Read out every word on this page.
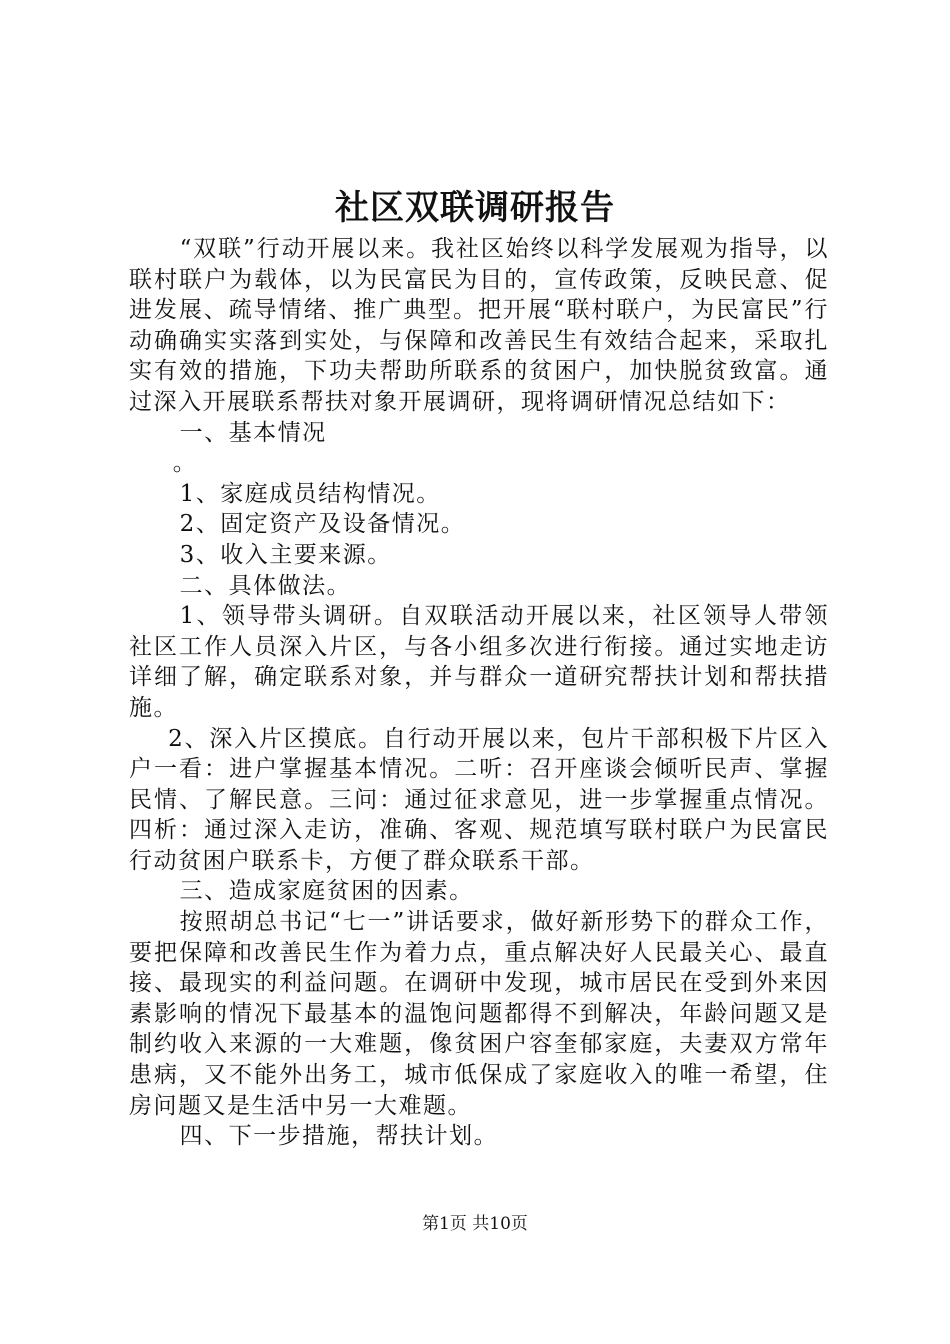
社区双联调研报告

“双联”行动开展以来。我社区始终以科学发展观为指导，以联村联户为载体，以为民富民为目的，宣传政策，反映民意、促进发展、疏导情绪、推广典型。把开展“联村联户，为民富民”行动确确实实落到实处，与保障和改善民生有效结合起来，采取扎实有效的措施，下功夫帮助所联系的贫困户，加快脱贫致富。通过深入开展联系帮扶对象开展调研，现将调研情况总结如下：

一、基本情况

。

1、家庭成员结构情况。

2、固定资产及设备情况。

3、收入主要来源。

二、具体做法。

1、领导带头调研。自双联活动开展以来，社区领导人带领社区工作人员深入片区，与各小组多次进行衔接。通过实地走访详细了解，确定联系对象，并与群众一道研究帮扶计划和帮扶措施。

2、深入片区摸底。自行动开展以来，包片干部积极下片区入户一看：进户掌握基本情况。二听：召开座谈会倾听民声、掌握民情、了解民意。三问：通过征求意见，进一步掌握重点情况。四析：通过深入走访，准确、客观、规范填写联村联户为民富民行动贫困户联系卡，方便了群众联系干部。

三、造成家庭贫困的因素。

按照胡总书记“七一”讲话要求，做好新形势下的群众工作，要把保障和改善民生作为着力点，重点解决好人民最关心、最直接、最现实的利益问题。在调研中发现，城市居民在受到外来因素影响的情况下最基本的温饱问题都得不到解决，年龄问题又是制约收入来源的一大难题，像贫困户容奎郁家庭，夫妻双方常年患病，又不能外出务工，城市低保成了家庭收入的唯一希望，住房问题又是生活中另一大难题。

四、下一步措施，帮扶计划。

第1页 共10页
